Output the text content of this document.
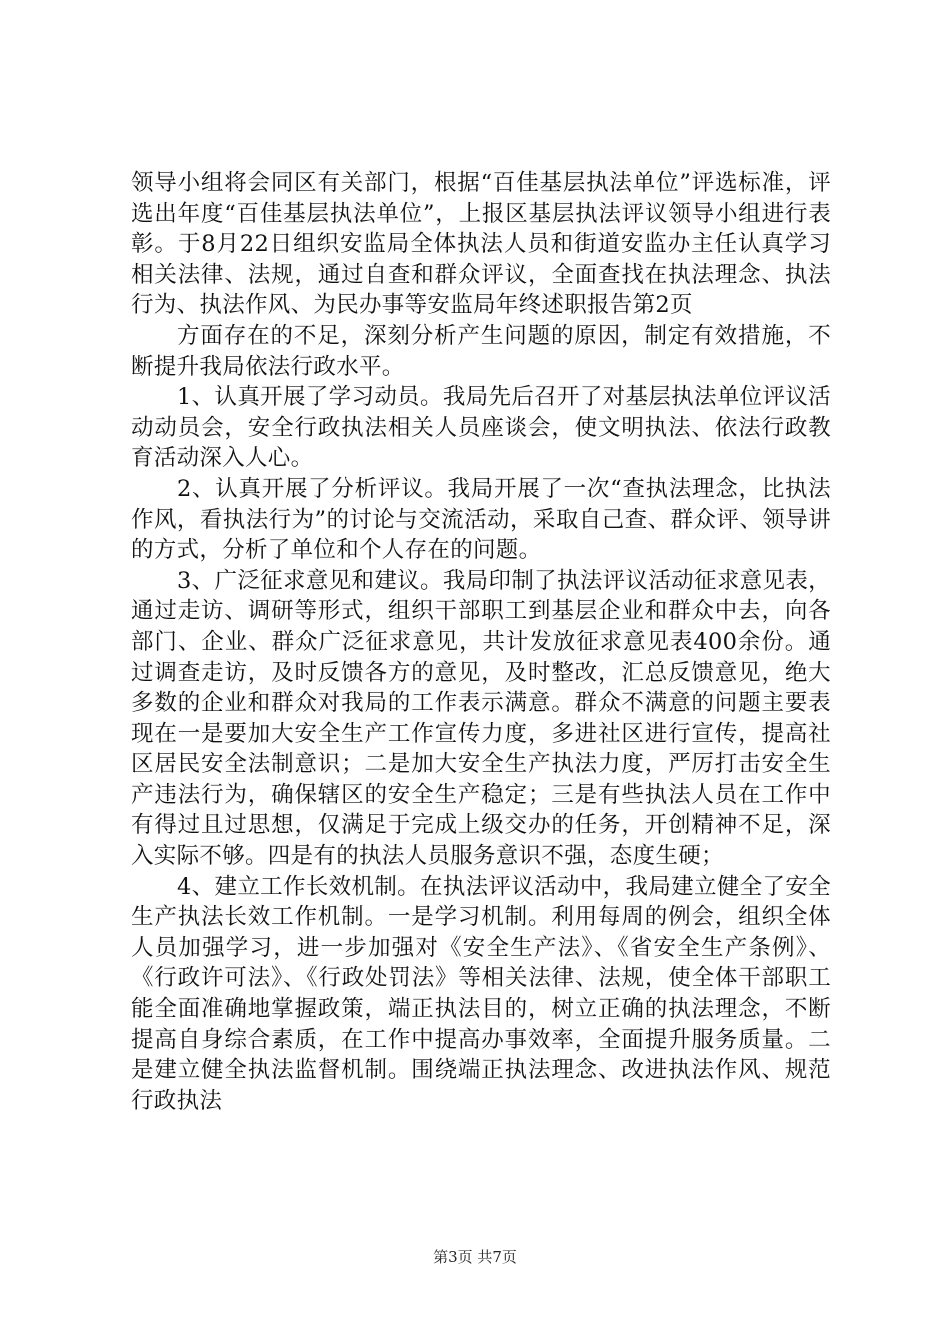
领导小组将会同区有关部门，根据“百佳基层执法单位”评选标准，评选出年度“百佳基层执法单位”，上报区基层执法评议领导小组进行表彰。于8月22日组织安监局全体执法人员和街道安监办主任认真学习相关法律、法规，通过自查和群众评议，全面查找在执法理念、执法行为、执法作风、为民办事等安监局年终述职报告第2页

方面存在的不足，深刻分析产生问题的原因，制定有效措施，不断提升我局依法行政水平。

1、认真开展了学习动员。我局先后召开了对基层执法单位评议活动动员会，安全行政执法相关人员座谈会，使文明执法、依法行政教育活动深入人心。

2、认真开展了分析评议。我局开展了一次“查执法理念，比执法作风，看执法行为”的讨论与交流活动，采取自己查、群众评、领导讲的方式，分析了单位和个人存在的问题。

3、广泛征求意见和建议。我局印制了执法评议活动征求意见表，通过走访、调研等形式，组织干部职工到基层企业和群众中去，向各部门、企业、群众广泛征求意见，共计发放征求意见表400余份。通过调查走访，及时反馈各方的意见，及时整改，汇总反馈意见，绝大多数的企业和群众对我局的工作表示满意。群众不满意的问题主要表现在一是要加大安全生产工作宣传力度，多进社区进行宣传，提高社区居民安全法制意识；二是加大安全生产执法力度，严厉打击安全生产违法行为，确保辖区的安全生产稳定；三是有些执法人员在工作中有得过且过思想，仅满足于完成上级交办的任务，开创精神不足，深入实际不够。四是有的执法人员服务意识不强，态度生硬；

4、建立工作长效机制。在执法评议活动中，我局建立健全了安全生产执法长效工作机制。一是学习机制。利用每周的例会，组织全体人员加强学习，进一步加强对《安全生产法》、《省安全生产条例》、《行政许可法》、《行政处罚法》等相关法律、法规，使全体干部职工能全面准确地掌握政策，端正执法目的，树立正确的执法理念，不断提高自身综合素质，在工作中提高办事效率，全面提升服务质量。二是建立健全执法监督机制。围绕端正执法理念、改进执法作风、规范行政执法

第3页 共7页
